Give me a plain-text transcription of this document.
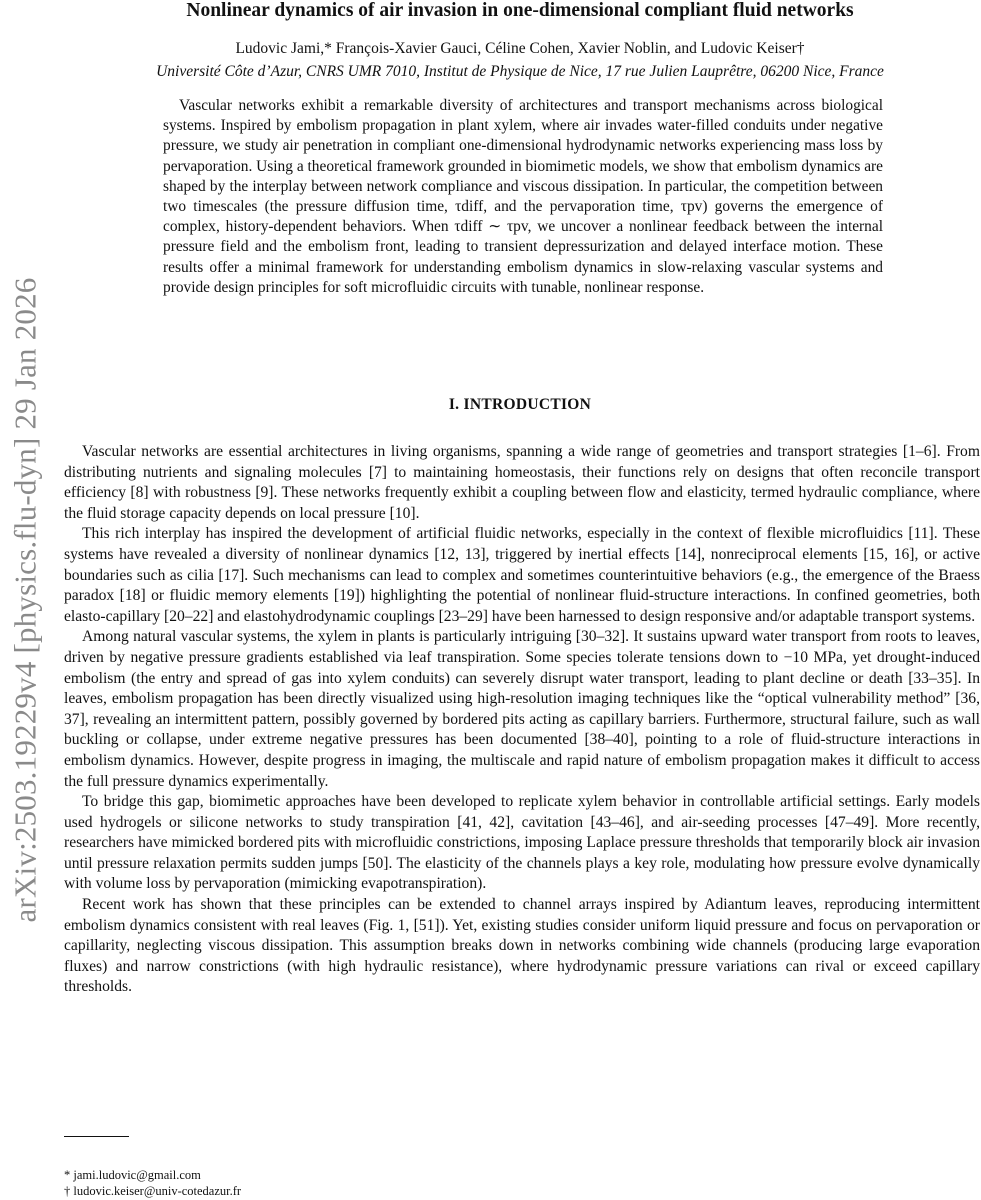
arXiv:2503.19229v4 [physics.flu-dyn] 29 Jan 2026
Nonlinear dynamics of air invasion in one-dimensional compliant fluid networks
Ludovic Jami,* François-Xavier Gauci, Céline Cohen, Xavier Noblin, and Ludovic Keiser†
Université Côte d’Azur, CNRS UMR 7010, Institut de Physique de Nice, 17 rue Julien Lauprêtre, 06200 Nice, France

Vascular networks exhibit a remarkable diversity of architectures and transport mechanisms across biological systems. Inspired by embolism propagation in plant xylem, where air invades water-filled conduits under negative pressure, we study air penetration in compliant one-dimensional hydrodynamic networks experiencing mass loss by pervaporation. Using a theoretical framework grounded in biomimetic models, we show that embolism dynamics are shaped by the interplay between network compliance and viscous dissipation. In particular, the competition between two timescales (the pressure diffusion time, τdiff, and the pervaporation time, τpv) governs the emergence of complex, history-dependent behaviors. When τdiff ∼ τpv, we uncover a nonlinear feedback between the internal pressure field and the embolism front, leading to transient depressurization and delayed interface motion. These results offer a minimal framework for understanding embolism dynamics in slow-relaxing vascular systems and provide design principles for soft microfluidic circuits with tunable, nonlinear response.

I. INTRODUCTION

Vascular networks are essential architectures in living organisms, spanning a wide range of geometries and transport strategies [1–6]. From distributing nutrients and signaling molecules [7] to maintaining homeostasis, their functions rely on designs that often reconcile transport efficiency [8] with robustness [9]. These networks frequently exhibit a coupling between flow and elasticity, termed hydraulic compliance, where the fluid storage capacity depends on local pressure [10].

This rich interplay has inspired the development of artificial fluidic networks, especially in the context of flexible microfluidics [11]. These systems have revealed a diversity of nonlinear dynamics [12, 13], triggered by inertial effects [14], nonreciprocal elements [15, 16], or active boundaries such as cilia [17]. Such mechanisms can lead to complex and sometimes counterintuitive behaviors (e.g., the emergence of the Braess paradox [18] or fluidic memory elements [19]) highlighting the potential of nonlinear fluid-structure interactions. In confined geometries, both elasto-capillary [20–22] and elastohydrodynamic couplings [23–29] have been harnessed to design responsive and/or adaptable transport systems.

Among natural vascular systems, the xylem in plants is particularly intriguing [30–32]. It sustains upward water transport from roots to leaves, driven by negative pressure gradients established via leaf transpiration. Some species tolerate tensions down to −10 MPa, yet drought-induced embolism (the entry and spread of gas into xylem conduits) can severely disrupt water transport, leading to plant decline or death [33–35]. In leaves, embolism propagation has been directly visualized using high-resolution imaging techniques like the “optical vulnerability method” [36, 37], revealing an intermittent pattern, possibly governed by bordered pits acting as capillary barriers. Furthermore, structural failure, such as wall buckling or collapse, under extreme negative pressures has been documented [38–40], pointing to a role of fluid-structure interactions in embolism dynamics. However, despite progress in imaging, the multiscale and rapid nature of embolism propagation makes it difficult to access the full pressure dynamics experimentally.

To bridge this gap, biomimetic approaches have been developed to replicate xylem behavior in controllable artificial settings. Early models used hydrogels or silicone networks to study transpiration [41, 42], cavitation [43–46], and air-seeding processes [47–49]. More recently, researchers have mimicked bordered pits with microfluidic constrictions, imposing Laplace pressure thresholds that temporarily block air invasion until pressure relaxation permits sudden jumps [50]. The elasticity of the channels plays a key role, modulating how pressure evolve dynamically with volume loss by pervaporation (mimicking evapotranspiration).

Recent work has shown that these principles can be extended to channel arrays inspired by Adiantum leaves, reproducing intermittent embolism dynamics consistent with real leaves (Fig. 1, [51]). Yet, existing studies consider uniform liquid pressure and focus on pervaporation or capillarity, neglecting viscous dissipation. This assumption breaks down in networks combining wide channels (producing large evaporation fluxes) and narrow constrictions (with high hydraulic resistance), where hydrodynamic pressure variations can rival or exceed capillary thresholds.

* jami.ludovic@gmail.com
† ludovic.keiser@univ-cotedazur.fr
